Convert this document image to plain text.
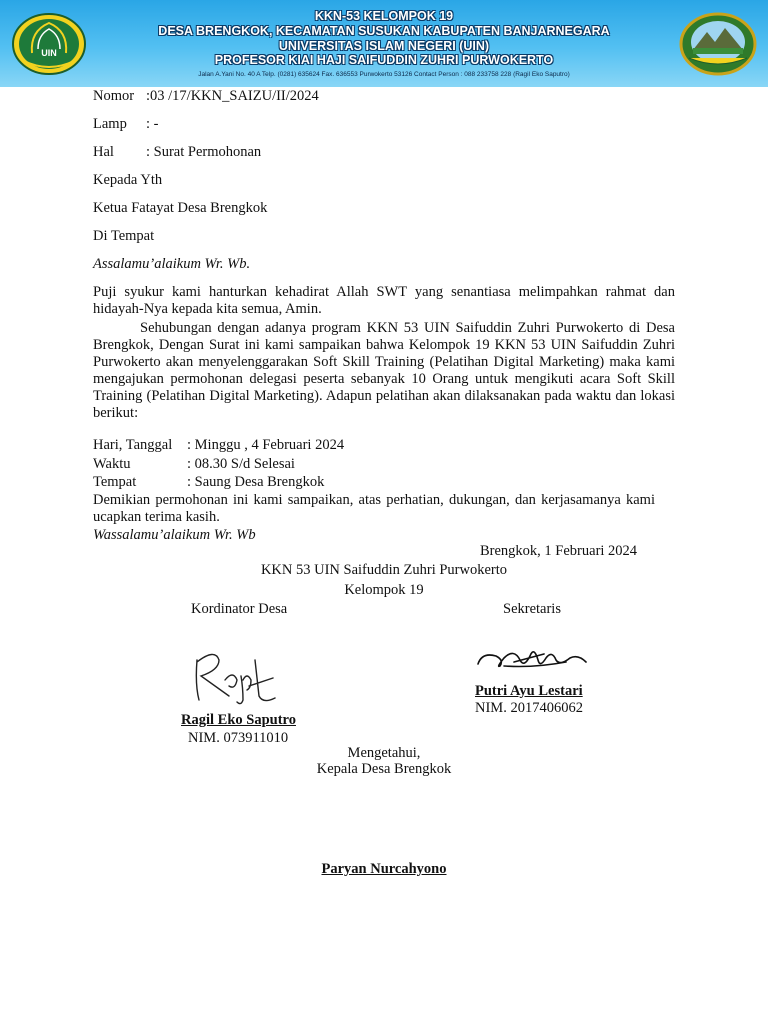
UIN
KKN-53 KELOMPOK 19
DESA BRENGKOK, KECAMATAN SUSUKAN KABUPATEN BANJARNEGARA
UNIVERSITAS ISLAM NEGERI (UIN)
PROFESOR KIAI HAJI SAIFUDDIN ZUHRI PURWOKERTO
Jalan A.Yani No. 40 A Telp. (0281) 635624 Fax. 636553 Purwokerto 53126 Contact Person : 088 233758 228 (Ragil Eko Saputro)
Nomor :03 /17/KKN_SAIZU/II/2024
Lamp : -
Hal : Surat Permohonan
Kepada Yth
Ketua Fatayat Desa Brengkok
Di Tempat
Assalamu’alaikum Wr. Wb.
Puji syukur kami hanturkan kehadirat Allah SWT yang senantiasa melimpahkan rahmat dan hidayah-Nya kepada kita semua, Amin.
Sehubungan dengan adanya program KKN 53 UIN Saifuddin Zuhri Purwokerto di Desa Brengkok, Dengan Surat ini kami sampaikan bahwa Kelompok 19 KKN 53 UIN Saifuddin Zuhri Purwokerto akan menyelenggarakan Soft Skill Training (Pelatihan Digital Marketing) maka kami mengajukan permohonan delegasi peserta sebanyak 10 Orang untuk mengikuti acara Soft Skill Training (Pelatihan Digital Marketing). Adapun pelatihan akan dilaksanakan pada waktu dan lokasi berikut:
Hari, Tanggal : Minggu , 4 Februari 2024
Waktu	: 08.30 S/d Selesai
Tempat	: Saung Desa Brengkok
Demikian permohonan ini kami sampaikan, atas perhatian, dukungan, dan kerjasamanya kami ucapkan terima kasih.
Wassalamu’alaikum Wr. Wb
Brengkok, 1 Februari 2024
KKN 53 UIN Saifuddin Zuhri Purwokerto
Kelompok 19
Kordinator Desa	Sekretaris
Putri Ayu Lestari
NIM. 2017406062
Ragil Eko Saputro
NIM. 073911010
Mengetahui,
Kepala Desa Brengkok
Paryan Nurcahyono
